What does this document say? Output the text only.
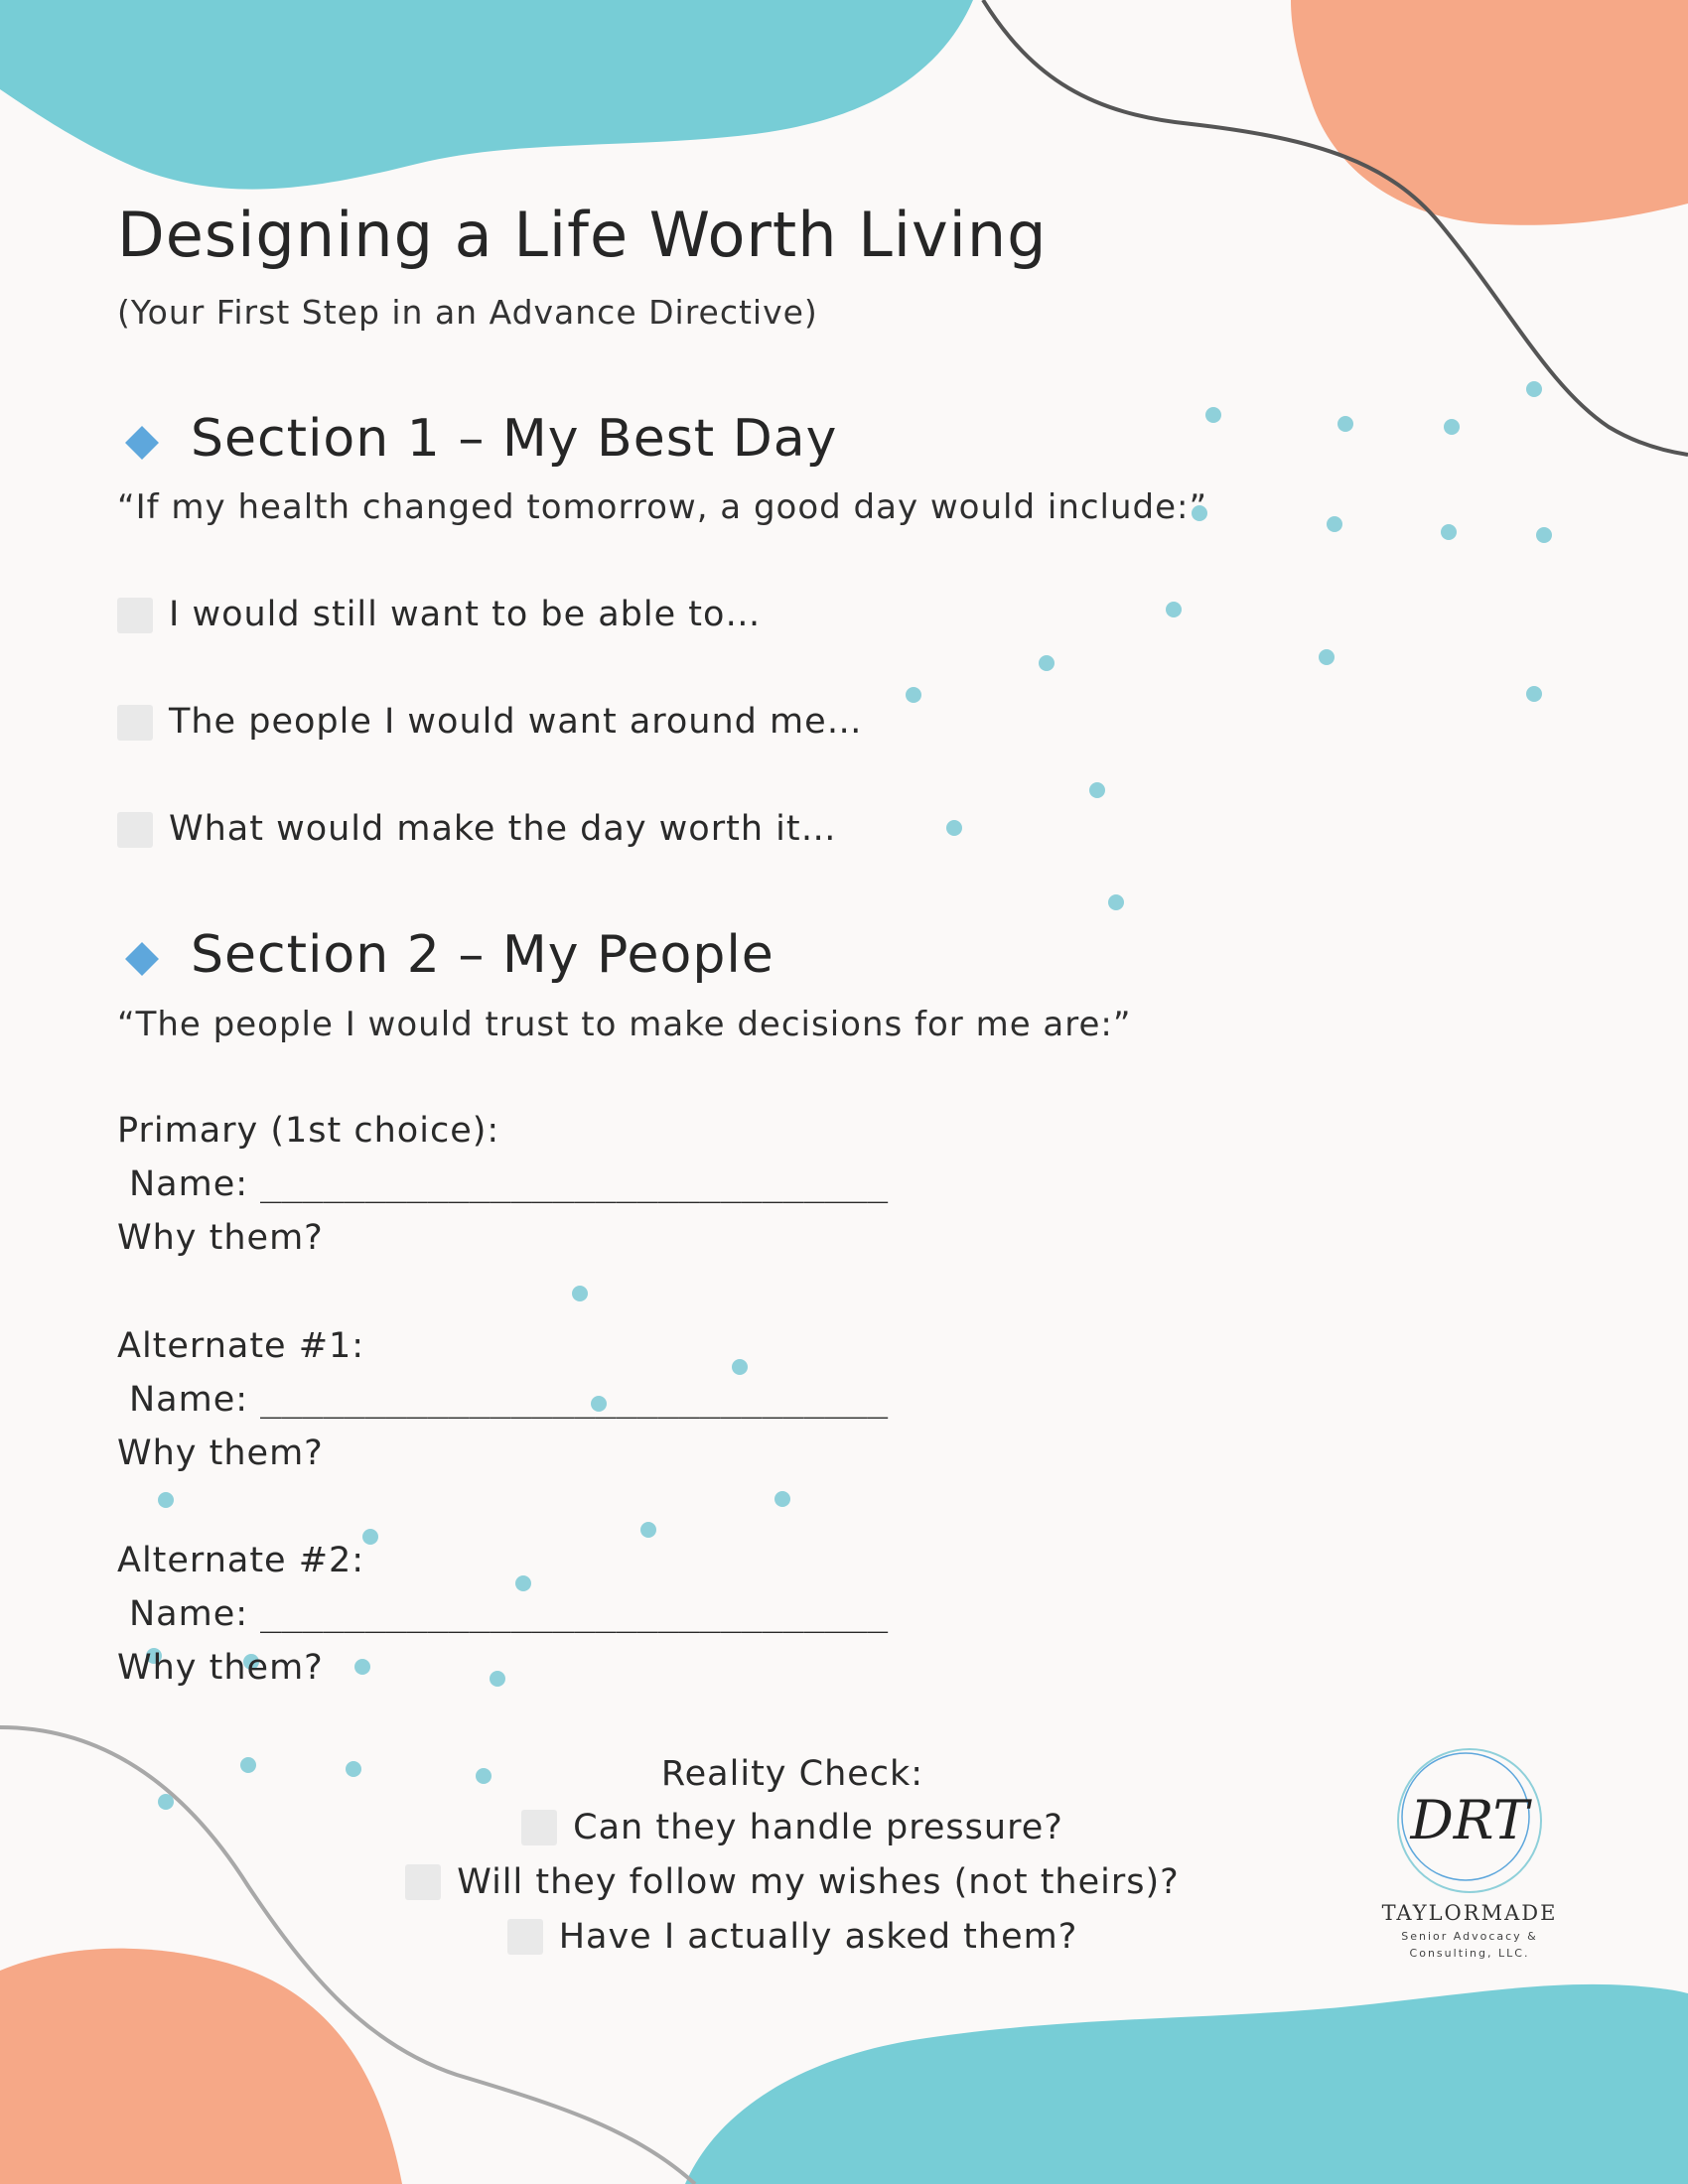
Designing a Life Worth Living
(Your First Step in an Advance Directive)
Section 1 – My Best Day
“If my health changed tomorrow, a good day would include:”
I would still want to be able to…
The people I would want around me…
What would make the day worth it…
Section 2 – My People
“The people I would trust to make decisions for me are:”
Primary (1st choice):
Name: ______________________________
Why them?
Alternate #1:
Name: ______________________________
Why them?
Alternate #2:
Name: ______________________________
Why them?
Reality Check:
Can they handle pressure?
Will they follow my wishes (not theirs)?
Have I actually asked them?
DRT
TAYLORMADE
Senior Advocacy &
Consulting, LLC.
